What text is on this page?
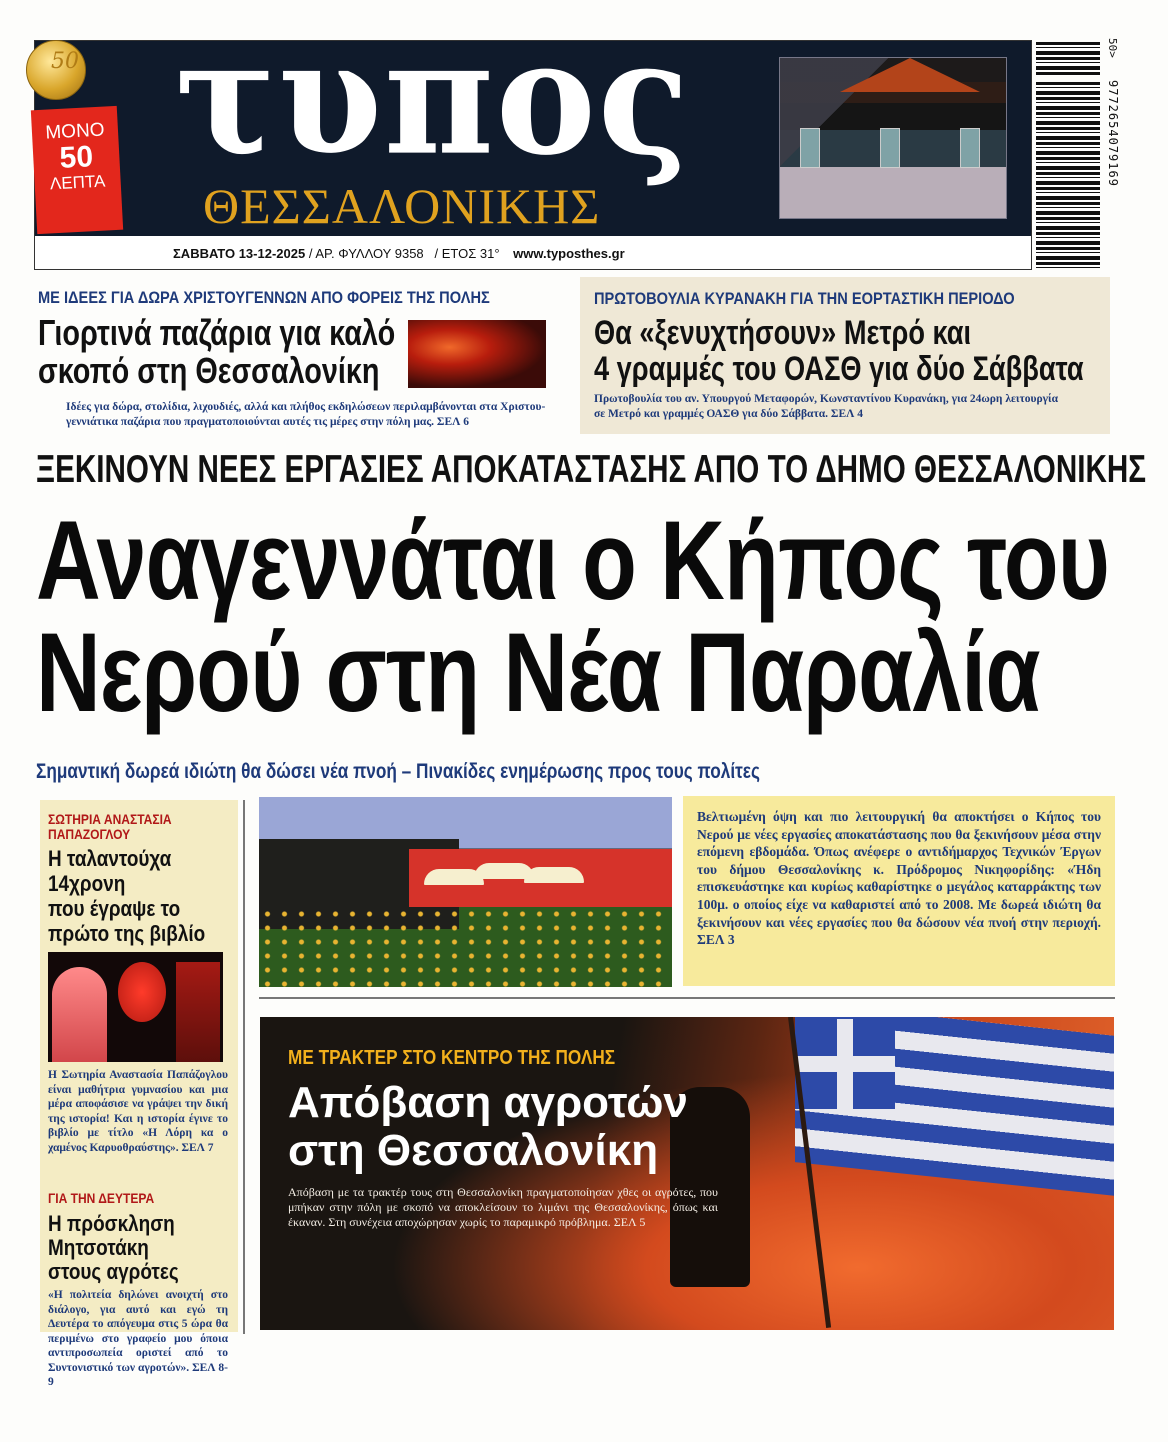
τυπος
ΘΕΣΣΑΛΟΝΙΚΗΣ
ΣΑΒΒΑΤΟ 13-12-2025 / ΑΡ. ΦΥΛΛΟΥ 9358 / ΕΤΟΣ 31° www.typosthes.gr
50
ΜΟΝΟ
50
ΛΕΠΤΑ
50>
9772654079169
ΜΕ ΙΔΕΕΣ ΓΙΑ ΔΩΡΑ ΧΡΙΣΤΟΥΓΕΝΝΩΝ ΑΠΟ ΦΟΡΕΙΣ ΤΗΣ ΠΟΛΗΣ
Γιορτινά παζάρια για καλό
σκοπό στη Θεσσαλονίκη
Ιδέες για δώρα, στολίδια, λιχουδιές, αλλά και πλήθος εκδηλώσεων περιλαμβάνονται στα Χριστου-
γεννιάτικα παζάρια που πραγματοποιούνται αυτές τις μέρες στην πόλη μας. ΣΕΛ 6
ΠΡΩΤΟΒΟΥΛΙΑ ΚΥΡΑΝΑΚΗ ΓΙΑ ΤΗΝ ΕΟΡΤΑΣΤΙΚΗ ΠΕΡΙΟΔΟ
Θα «ξενυχτήσουν» Μετρό και
4 γραμμές του ΟΑΣΘ για δύο Σάββατα
Πρωτοβουλία του αν. Υπουργού Μεταφορών, Κωνσταντίνου Κυρανάκη, για 24ωρη λειτουργία
σε Μετρό και γραμμές ΟΑΣΘ για δύο Σάββατα. ΣΕΛ 4
ΞΕΚΙΝΟΥΝ ΝΕΕΣ ΕΡΓΑΣΙΕΣ ΑΠΟΚΑΤΑΣΤΑΣΗΣ ΑΠΟ ΤΟ ΔΗΜΟ ΘΕΣΣΑΛΟΝΙΚΗΣ
Αναγεννάται ο Κήπος του
Νερού στη Νέα Παραλία
Σημαντική δωρεά ιδιώτη θα δώσει νέα πνοή – Πινακίδες ενημέρωσης προς τους πολίτες
ΣΩΤΗΡΙΑ ΑΝΑΣΤΑΣΙΑ
ΠΑΠΑΖΟΓΛΟΥ
Η ταλαντούχα
14χρονη
που έγραψε το
πρώτο της βιβλίο
Η Σωτηρία Αναστασία Παπάζογλου είναι μαθήτρια γυμνασίου και μια μέρα αποφάσισε να γράψει την δική της ιστορία! Και η ιστορία έγινε το βιβλίο με τίτλο «Η Λόρη κα ο χαμένος Καρυοθραύστης». ΣΕΛ 7
ΓΙΑ ΤΗΝ ΔΕΥΤΕΡΑ
Η πρόσκληση
Μητσοτάκη
στους αγρότες
«Η πολιτεία δηλώνει ανοιχτή στο διάλογο, για αυτό και εγώ τη Δευτέρα το απόγευμα στις 5 ώρα θα περιμένω στο γραφείο μου όποια αντιπροσωπεία οριστεί από το Συντονιστικό των αγροτών». ΣΕΛ 8-9

Βελτιωμένη όψη και πιο λειτουργική θα αποκτήσει ο Κήπος του Νερού με νέες εργασίες αποκατάστασης που θα ξεκινήσουν μέσα στην επόμενη εβδομάδα. Όπως ανέφερε ο αντιδήμαρχος Τεχνικών Έργων του δήμου Θεσσαλονίκης κ. Πρόδρομος Νικηφορίδης: «Ήδη επισκευάστηκε και κυρίως καθαρίστηκε ο μεγάλος καταρράκτης των 100μ. ο οποίος είχε να καθαριστεί από το 2008. Με δωρεά ιδιώτη θα ξεκινήσουν και νέες εργασίες που θα δώσουν νέα πνοή στην περιοχή. ΣΕΛ 3

ΜΕ ΤΡΑΚΤΕΡ ΣΤΟ ΚΕΝΤΡΟ ΤΗΣ ΠΟΛΗΣ
Απόβαση αγροτών
στη Θεσσαλονίκη
Απόβαση με τα τρακτέρ τους στη Θεσσαλονίκη πραγματοποίησαν χθες οι αγρότες, που μπήκαν στην πόλη με σκοπό να αποκλείσουν το λιμάνι της Θεσσαλονίκης, όπως και έκαναν. Στη συνέχεια αποχώρησαν χωρίς το παραμικρό πρόβλημα. ΣΕΛ 5
